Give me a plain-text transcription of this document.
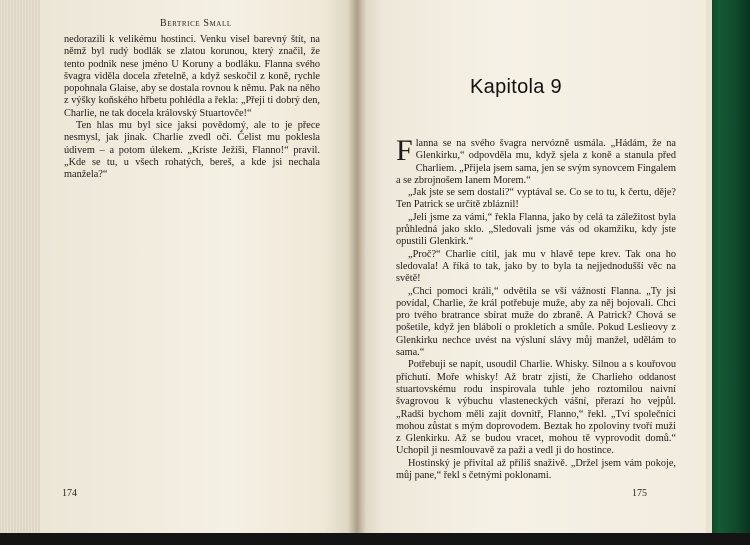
Bertrice Small

nedorazili k velikému hostinci. Venku visel barevný štít, na němž byl rudý bodlák se zlatou korunou, který značil, že tento podnik nese jméno U Koruny a bodláku. Flanna svého švagra viděla docela zřetelně, a když seskočil z koně, rychle popohnala Glaise, aby se dostala rovnou k němu. Pak na něho z výšky koňského hřbetu pohlédla a řekla: „Přeji ti dobrý den, Charlie, ne tak docela královský Stuartovče!“

Ten hlas mu byl sice jaksi povědomý, ale to je přece nesmysl, jak jinak. Charlie zvedl oči. Čelist mu poklesla údivem – a potom úlekem. „Kriste Ježíši, Flanno!“ pravil. „Kde se tu, u všech rohatých, bereš, a kde jsi nechala manžela?“

174
Kapitola 9

Flanna se na svého švagra nervózně usmála. „Hádám, že na Glenkirku,“ odpovděla mu, když sjela z koně a stanula před Charliem. „Přijela jsem sama, jen se svým synovcem Fingalem a se zbrojnošem Ianem Morem.“

„Jak jste se sem dostali?“ vyptával se. Co se to tu, k čertu, děje? Ten Patrick se určitě zbláznil!

„Jeli jsme za vámi,“ řekla Flanna, jako by celá ta záležitost byla průhledná jako sklo. „Sledovali jsme vás od okamžiku, kdy jste opustili Glenkirk.“

„Proč?“ Charlie cítil, jak mu v hlavě tepe krev. Tak ona ho sledovala! A říká to tak, jako by to byla ta nejjednodušší věc na světě!

„Chci pomoci králi,“ odvětila se vší vážností Flanna. „Ty jsi povídal, Charlie, že král potřebuje muže, aby za něj bojovali. Chci pro tvého bratrance sbírat muže do zbraně. A Patrick? Chová se pošetile, když jen blábolí o prokletích a smůle. Pokud Leslieovy z Glenkirku nechce uvést na výsluní slávy můj manžel, udělám to sama.“

Potřebuji se napít, usoudil Charlie. Whisky. Silnou a s kouřovou příchutí. Moře whisky! Až bratr zjistí, že Charlieho oddanost stuartovskému rodu inspirovala tuhle jeho roztomilou naivní švagrovou k výbuchu vlasteneckých vášní, přerazí ho vejpůl. „Radši bychom měli zajít dovnitř, Flanno,“ řekl. „Tví společníci mohou zůstat s mým doprovodem. Beztak ho zpoloviny tvoří muži z Glenkirku. Až se budou vracet, mohou tě vyprovodit domů.“ Uchopil ji nesmlouvavě za paži a vedl ji do hostince.

Hostinský je přivítal až příliš snaživě. „Držel jsem vám pokoje, můj pane,“ řekl s četnými poklonami.

175
